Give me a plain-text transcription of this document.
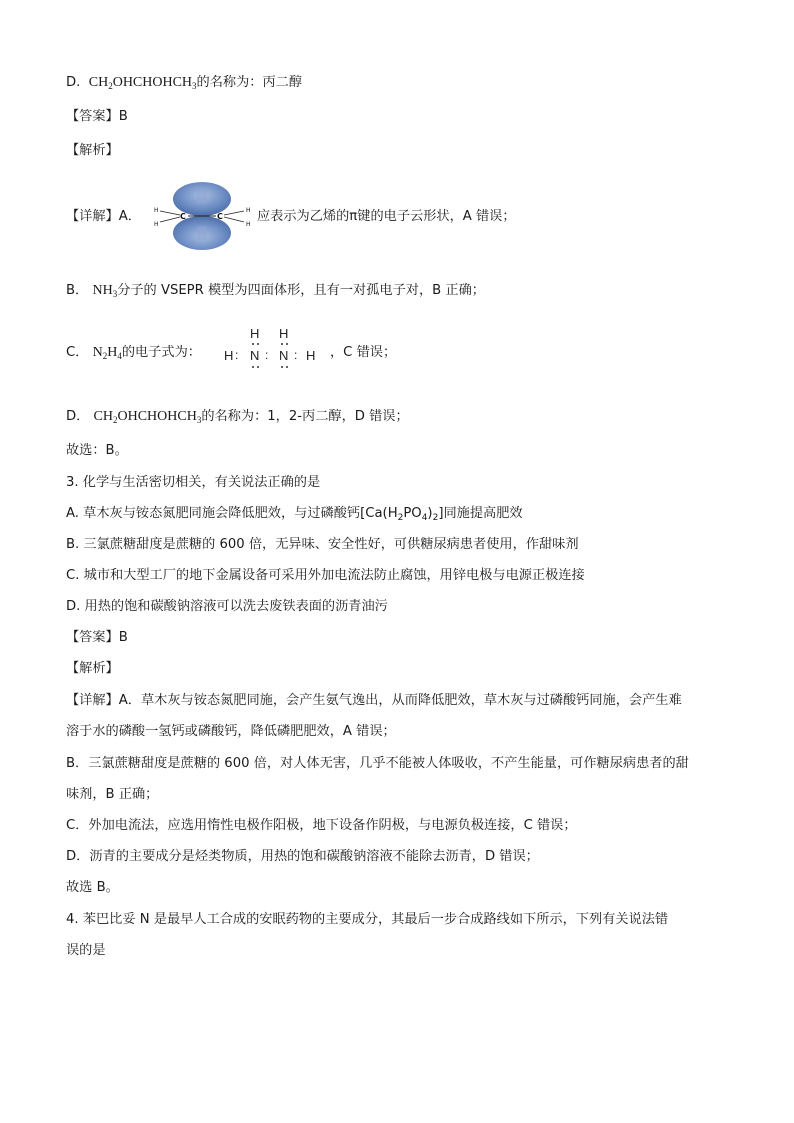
D. $CH_2OHCHOHCH_3$的名称为：丙二醇
【答案】B
【解析】
【详解】A．	C	C
H
H
H
H
应表示为乙烯的π键的电子云形状，A 错误；
B． $NH_3$分子的 VSEPR 模型为四面体形，且有一对孤电子对，B 正确；
C． $N_2H_4$的电子式为：
H H
H : N : N : H ，C 错误；
D． $CH_2OHCHOHCH_3$的名称为：1，2-丙二醇，D 错误；
故选：B。
3. 化学与生活密切相关，有关说法正确的是
A. 草木灰与铵态氮肥同施会降低肥效，与过磷酸钙$[Ca(H_2PO_4)_2]$同施提高肥效
B. 三氯蔗糖甜度是蔗糖的 600 倍，无异味、安全性好，可供糖尿病患者使用，作甜味剂
C. 城市和大型工厂的地下金属设备可采用外加电流法防止腐蚀，用锌电极与电源正极连接
D. 用热的饱和碳酸钠溶液可以洗去废铁表面的沥青油污
【答案】B
【解析】
【详解】A．草木灰与铵态氮肥同施，会产生氨气逸出，从而降低肥效，草木灰与过磷酸钙同施，会产生难
溶于水的磷酸一氢钙或磷酸钙，降低磷肥肥效，A 错误；
B．三氯蔗糖甜度是蔗糖的 600 倍，对人体无害，几乎不能被人体吸收，不产生能量，可作糖尿病患者的甜
味剂，B 正确；
C．外加电流法，应选用惰性电极作阳极，地下设备作阴极，与电源负极连接，C 错误；
D．沥青的主要成分是烃类物质，用热的饱和碳酸钠溶液不能除去沥青，D 错误；
故选 B。
4. 苯巴比妥 N 是最早人工合成的安眠药物的主要成分，其最后一步合成路线如下所示，下列有关说法错
误的是
